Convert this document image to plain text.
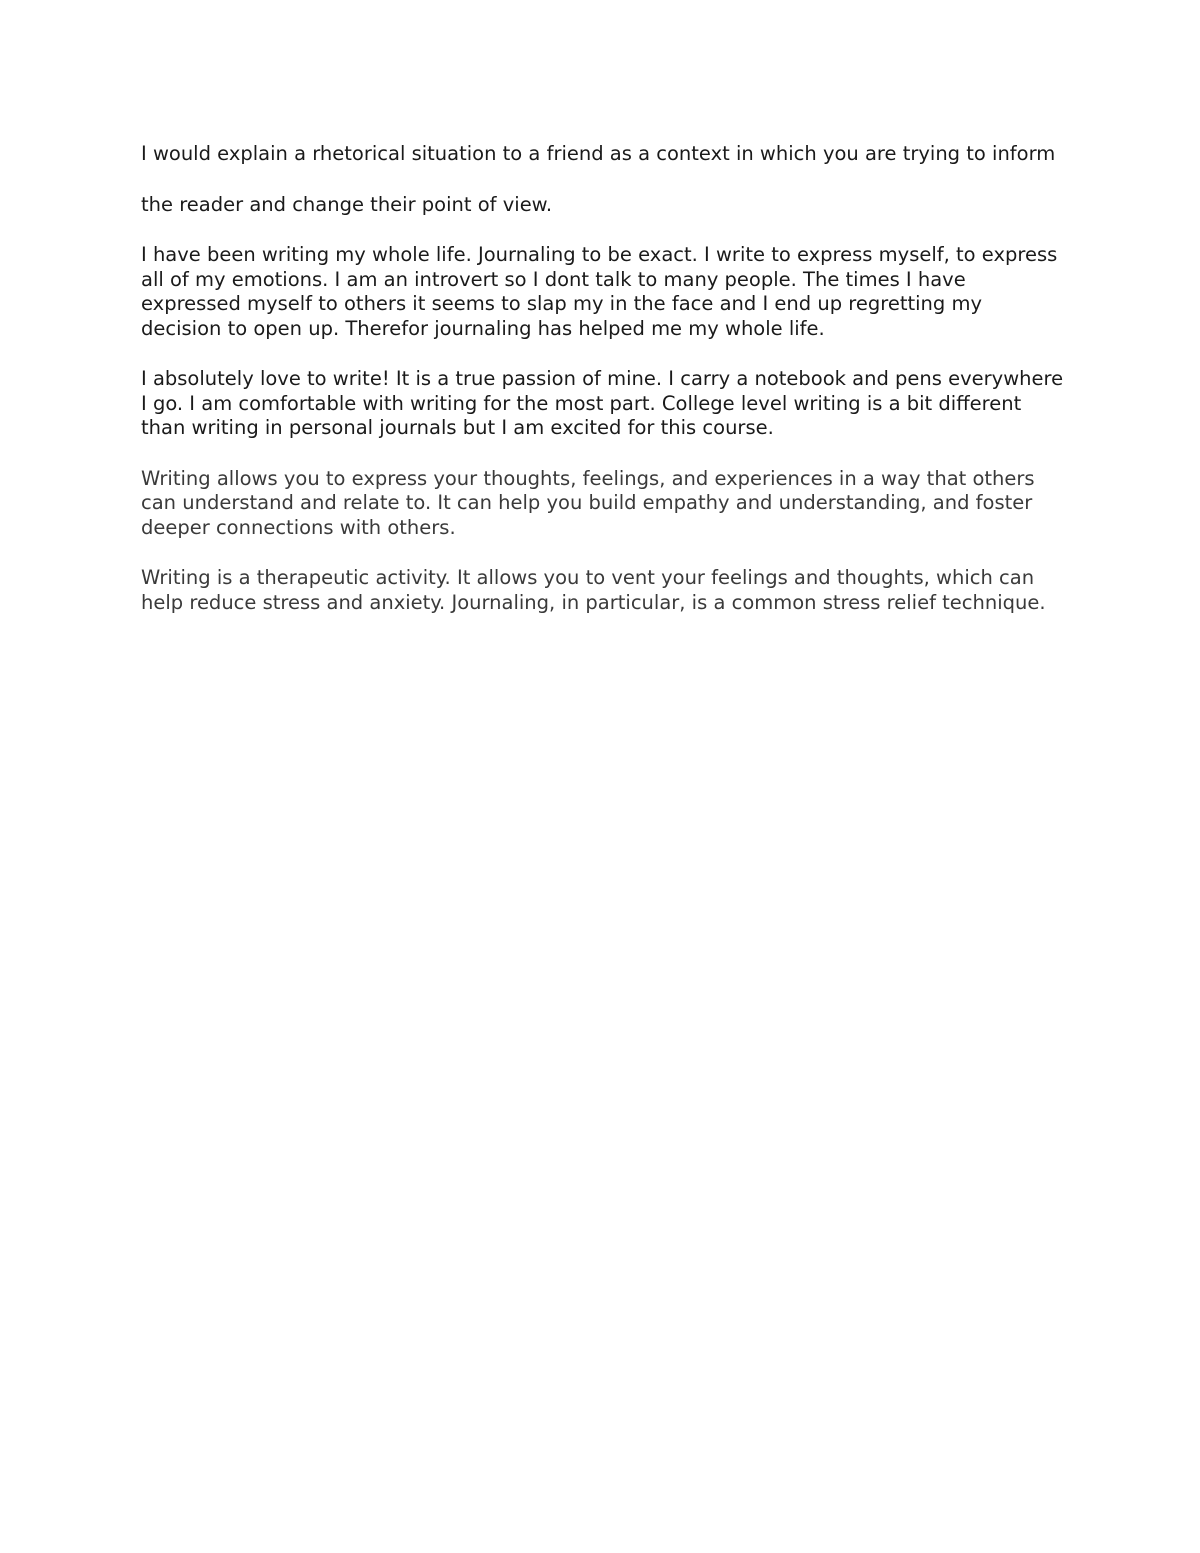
I would explain a rhetorical situation to a friend as a context in which you are trying to inform

the reader and change their point of view.

I have been writing my whole life. Journaling to be exact. I write to express myself, to express all of my emotions. I am an introvert so I dont talk to many people. The times I have expressed myself to others it seems to slap my in the face and I end up regretting my decision to open up. Therefor journaling has helped me my whole life.

I absolutely love to write! It is a true passion of mine. I carry a notebook and pens everywhere I go. I am comfortable with writing for the most part. College level writing is a bit different than writing in personal journals but I am excited for this course.

Writing allows you to express your thoughts, feelings, and experiences in a way that others can understand and relate to. It can help you build empathy and understanding, and foster deeper connections with others.

Writing is a therapeutic activity. It allows you to vent your feelings and thoughts, which can help reduce stress and anxiety. Journaling, in particular, is a common stress relief technique.
